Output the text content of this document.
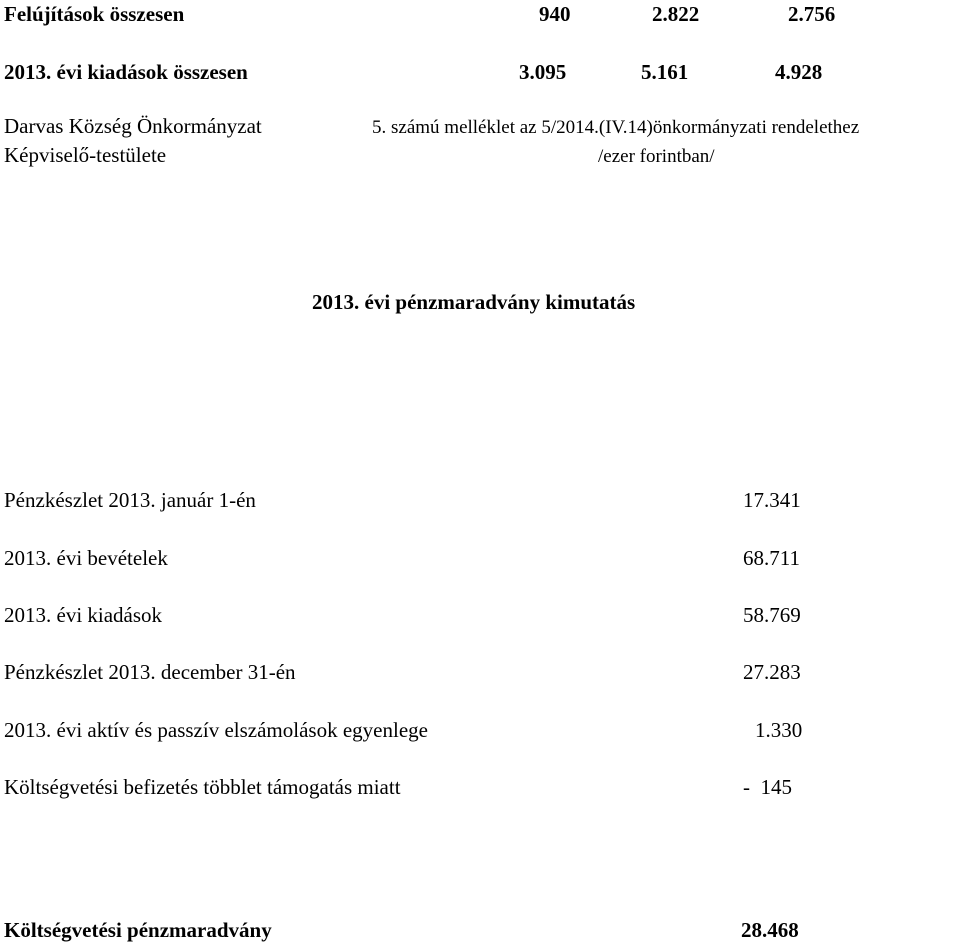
Felújítások összesen	940	2.822	2.756
2013. évi kiadások összesen	3.095	5.161	4.928
Darvas Község Önkormányzat
Képviselő-testülete
5. számú melléklet az 5/2014.(IV.14)önkormányzati rendelethez
/ezer forintban/
2013. évi pénzmaradvány kimutatás
Pénzkészlet 2013. január 1-én	17.341
2013. évi bevételek	68.711
2013. évi kiadások	58.769
Pénzkészlet 2013. december 31-én	27.283
2013. évi aktív és passzív elszámolások egyenlege	1.330
Költségvetési befizetés többlet támogatás miatt	-  145
Költségvetési pénzmaradvány	28.468
